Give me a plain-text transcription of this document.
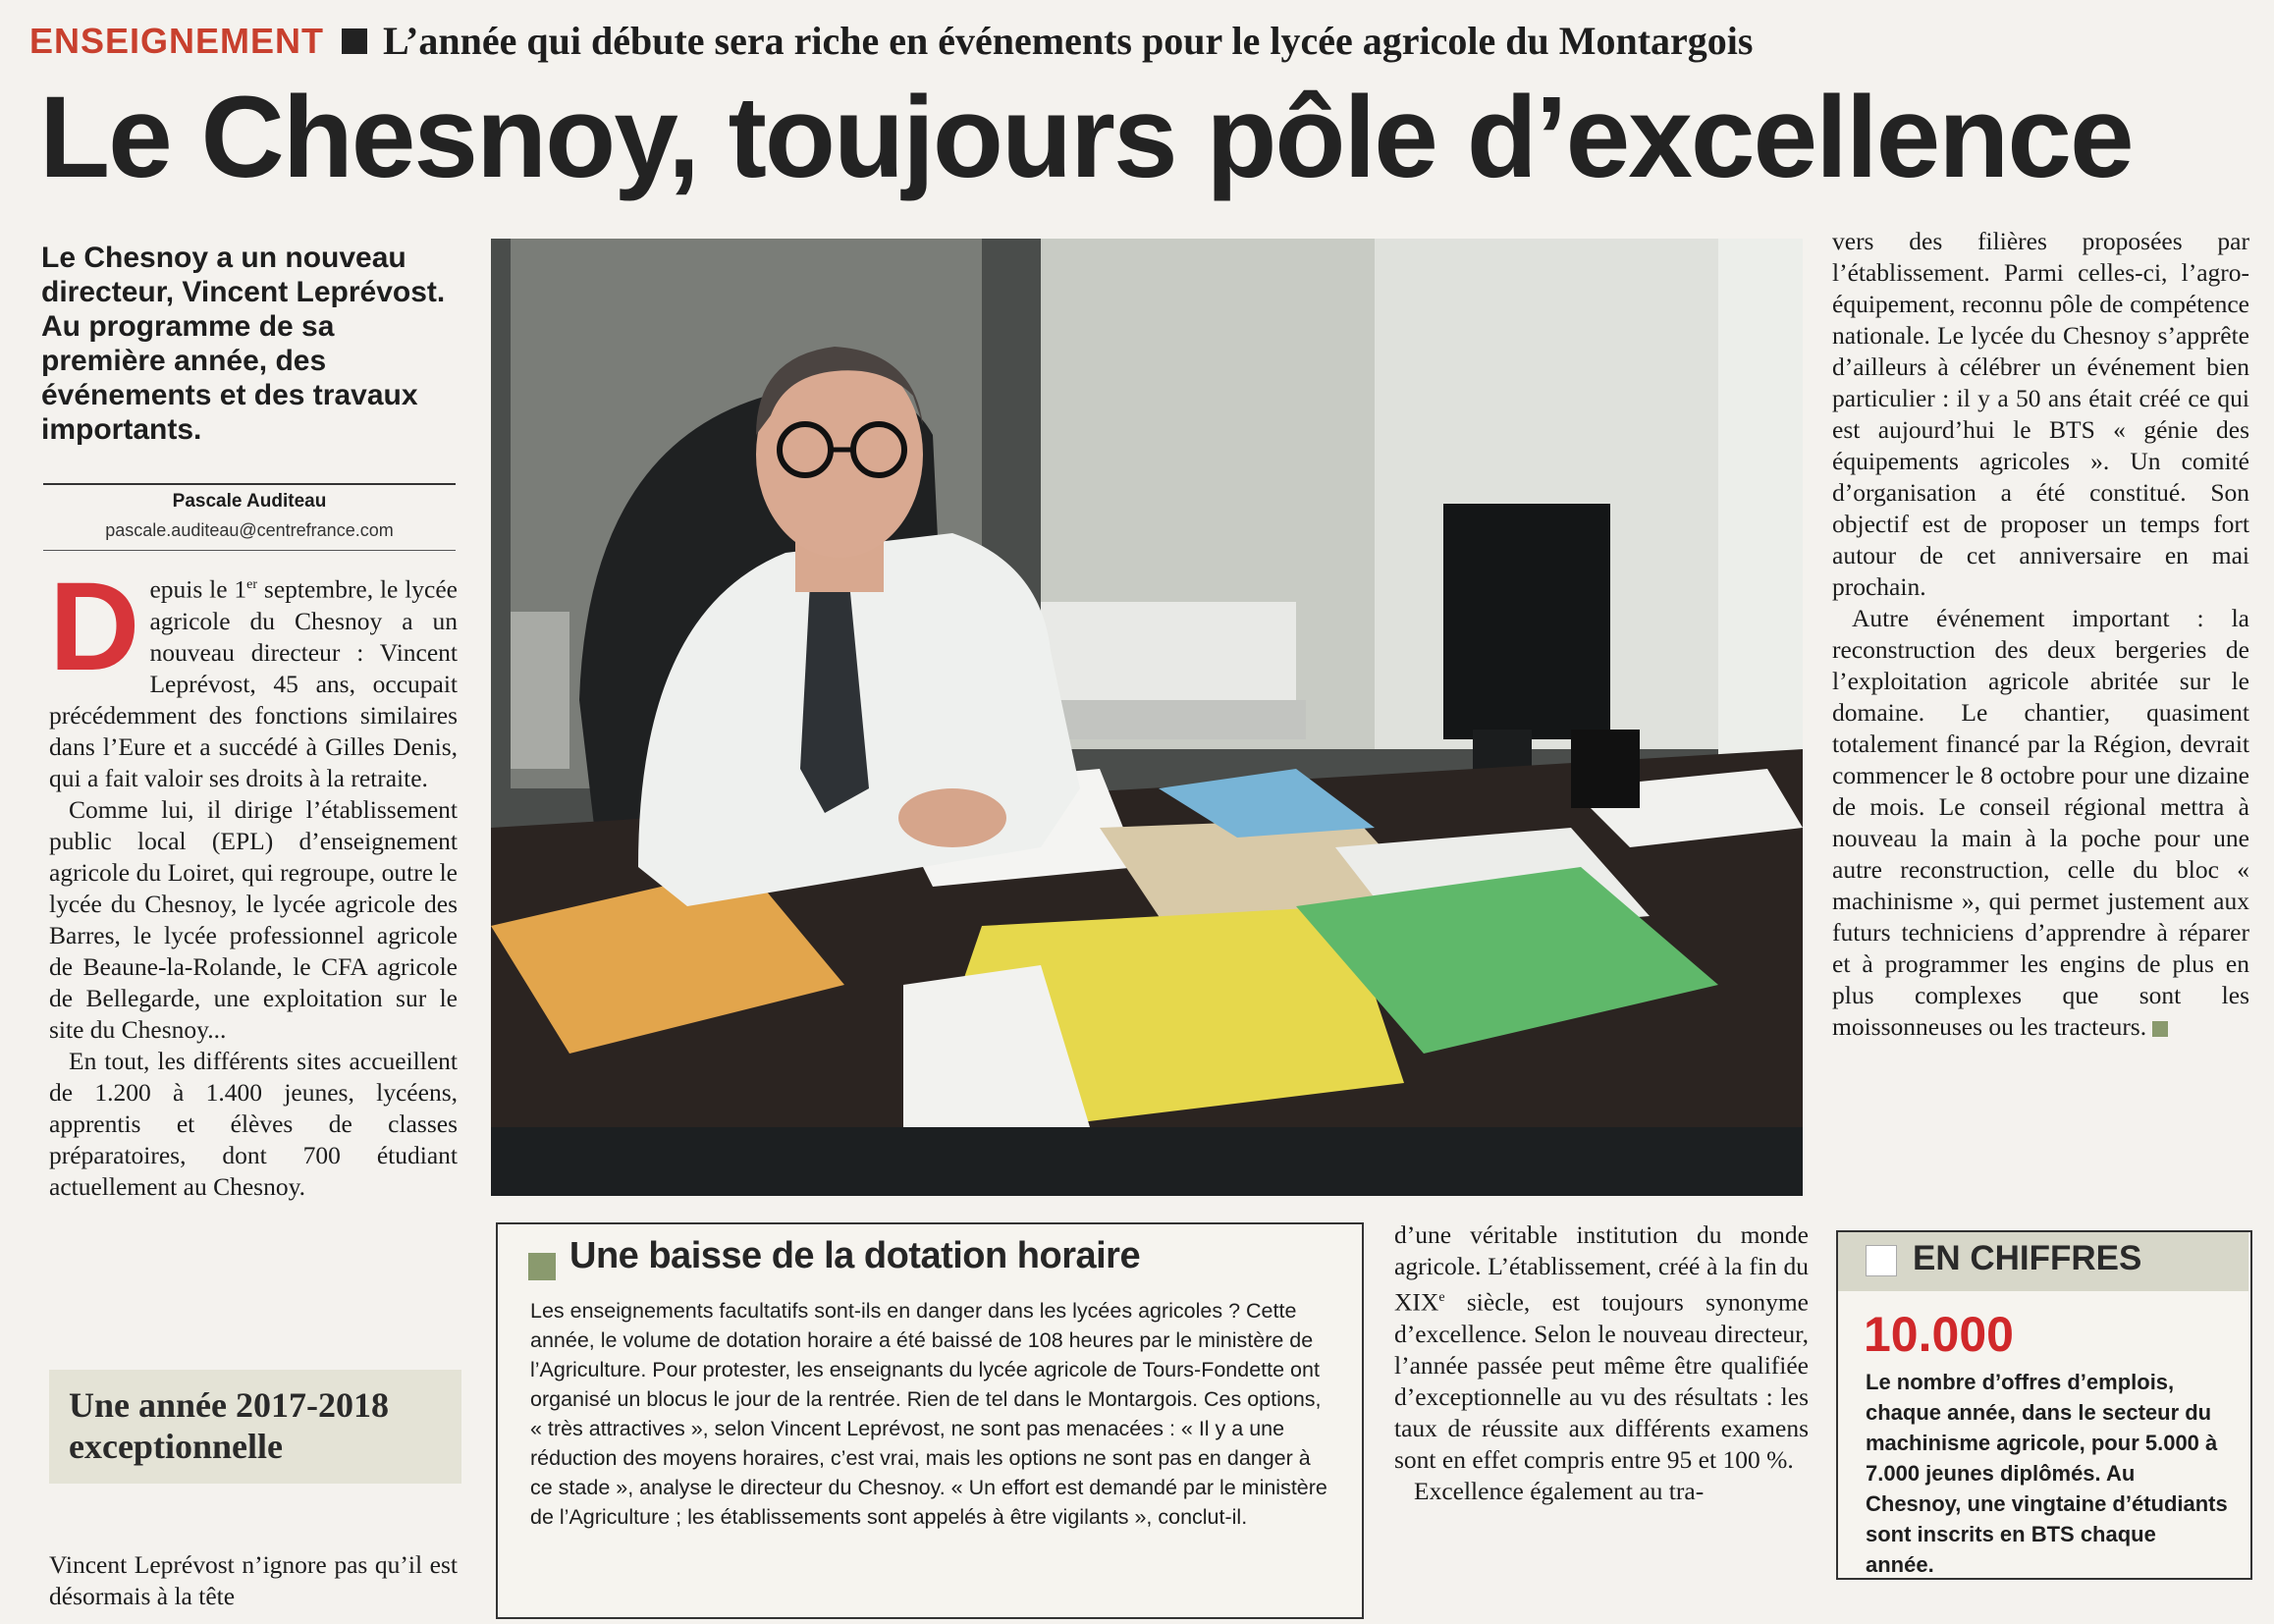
ENSEIGNEMENT L’année qui débute sera riche en événements pour le lycée agricole du Montargois
Le Chesnoy, toujours pôle d’excellence
Le Chesnoy a un nouveau directeur, Vincent Leprévost. Au programme de sa première année, des événements et des travaux importants.
Pascale Auditeau
pascale.auditeau@centrefrance.com

Depuis le 1er septembre, le lycée agricole du Chesnoy a un nouveau directeur : Vincent Leprévost, 45 ans, occupait précédemment des fonctions similaires dans l’Eure et a succédé à Gilles Denis, qui a fait valoir ses droits à la retraite.

Comme lui, il dirige l’établissement public local (EPL) d’enseignement agricole du Loiret, qui regroupe, outre le lycée du Chesnoy, le lycée agricole des Barres, le lycée professionnel agricole de Beaune-la-Rolande, le CFA agricole de Bellegarde, une exploitation sur le site du Chesnoy...

En tout, les différents sites accueillent de 1.200 à 1.400 jeunes, lycéens, apprentis et élèves de classes préparatoires, dont 700 étudiant actuellement au Chesnoy.

Une année 2017-2018 exceptionnelle

Vincent Leprévost n’ignore pas qu’il est désormais à la tête

vers des filières proposées par l’établissement. Parmi celles-ci, l’agro-équipement, reconnu pôle de compétence nationale. Le lycée du Chesnoy s’apprête d’ailleurs à célébrer un événement bien particulier : il y a 50 ans était créé ce qui est aujourd’hui le BTS « génie des équipements agricoles ». Un comité d’organisation a été constitué. Son objectif est de proposer un temps fort autour de cet anniversaire en mai prochain.

Autre événement important : la reconstruction des deux bergeries de l’exploitation agricole abritée sur le domaine. Le chantier, quasiment totalement financé par la Région, devrait commencer le 8 octobre pour une dizaine de mois. Le conseil régional mettra à nouveau la main à la poche pour une autre reconstruction, celle du bloc « machinisme », qui permet justement aux futurs techniciens d’apprendre à réparer et à programmer les engins de plus en plus complexes que sont les moissonneuses ou les tracteurs.

Une baisse de la dotation horaire
Les enseignements facultatifs sont-ils en danger dans les lycées agricoles ? Cette année, le volume de dotation horaire a été baissé de 108 heures par le ministère de l’Agriculture. Pour protester, les enseignants du lycée agricole de Tours-Fondette ont organisé un blocus le jour de la rentrée. Rien de tel dans le Montargois. Ces options, « très attractives », selon Vincent Leprévost, ne sont pas menacées : « Il y a une réduction des moyens horaires, c’est vrai, mais les options ne sont pas en danger à ce stade », analyse le directeur du Chesnoy. « Un effort est demandé par le ministère de l’Agriculture ; les établissements sont appelés à être vigilants », conclut-il.

d’une véritable institution du monde agricole. L’établissement, créé à la fin du XIXe siècle, est toujours synonyme d’excellence. Selon le nouveau directeur, l’année passée peut même être qualifiée d’exceptionnelle au vu des résultats : les taux de réussite aux différents examens sont en effet compris entre 95 et 100 %.

Excellence également au tra-

EN CHIFFRES
10.000
Le nombre d’offres d’emplois, chaque année, dans le secteur du machinisme agricole, pour 5.000 à 7.000 jeunes diplômés. Au Chesnoy, une vingtaine d’étudiants sont inscrits en BTS chaque année.
